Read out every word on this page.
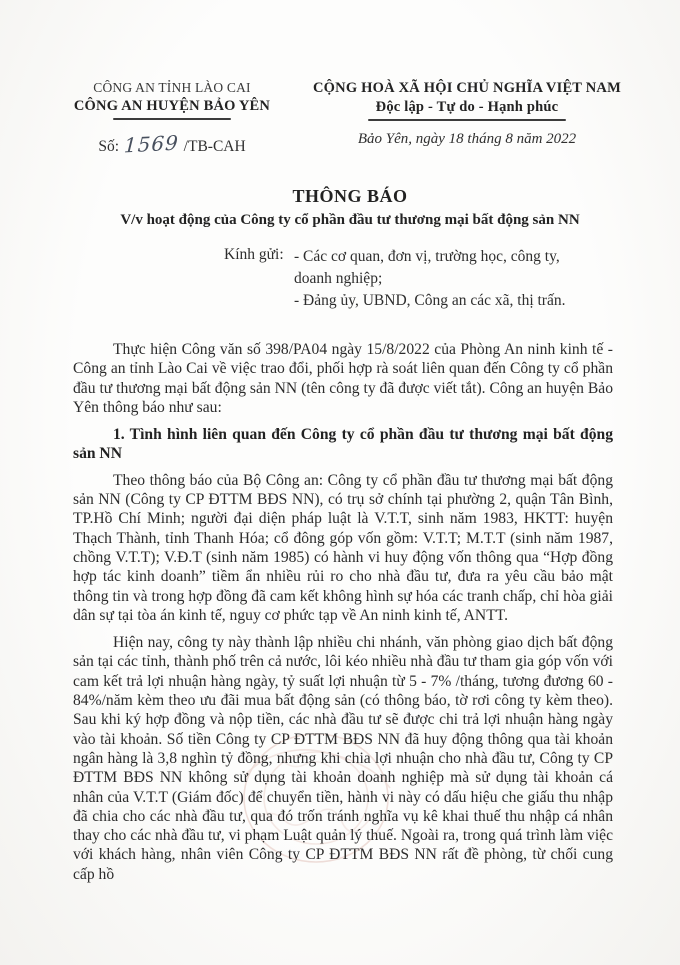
CÔNG AN TỈNH LÀO CAI
CÔNG AN HUYỆN BẢO YÊN
Số: 1569 /TB-CAH
CỘNG HOÀ XÃ HỘI CHỦ NGHĨA VIỆT NAM
Độc lập - Tự do - Hạnh phúc
Bảo Yên, ngày 18 tháng 8 năm 2022
THÔNG BÁO
V/v hoạt động của Công ty cổ phần đầu tư thương mại bất động sản NN
Kính gửi: - Các cơ quan, đơn vị, trường học, công ty, doanh nghiệp;
- Đảng ủy, UBND, Công an các xã, thị trấn.

Thực hiện Công văn số 398/PA04 ngày 15/8/2022 của Phòng An ninh kinh tế - Công an tỉnh Lào Cai về việc trao đổi, phối hợp rà soát liên quan đến Công ty cổ phần đầu tư thương mại bất động sản NN (tên công ty đã được viết tắt). Công an huyện Bảo Yên thông báo như sau:

1. Tình hình liên quan đến Công ty cổ phần đầu tư thương mại bất động sản NN

Theo thông báo của Bộ Công an: Công ty cổ phần đầu tư thương mại bất động sản NN (Công ty CP ĐTTM BĐS NN), có trụ sở chính tại phường 2, quận Tân Bình, TP.Hồ Chí Minh; người đại diện pháp luật là V.T.T, sinh năm 1983, HKTT: huyện Thạch Thành, tỉnh Thanh Hóa; cổ đông góp vốn gồm: V.T.T; M.T.T (sinh năm 1987, chồng V.T.T); V.Đ.T (sinh năm 1985) có hành vi huy động vốn thông qua “Hợp đồng hợp tác kinh doanh” tiềm ẩn nhiều rủi ro cho nhà đầu tư, đưa ra yêu cầu bảo mật thông tin và trong hợp đồng đã cam kết không hình sự hóa các tranh chấp, chỉ hòa giải dân sự tại tòa án kinh tế, nguy cơ phức tạp về An ninh kinh tế, ANTT.

Hiện nay, công ty này thành lập nhiều chi nhánh, văn phòng giao dịch bất động sản tại các tỉnh, thành phố trên cả nước, lôi kéo nhiều nhà đầu tư tham gia góp vốn với cam kết trả lợi nhuận hàng ngày, tỷ suất lợi nhuận từ 5 - 7% /tháng, tương đương 60 - 84%/năm kèm theo ưu đãi mua bất động sản (có thông báo, tờ rơi công ty kèm theo). Sau khi ký hợp đồng và nộp tiền, các nhà đầu tư sẽ được chi trả lợi nhuận hàng ngày vào tài khoản. Số tiền Công ty CP ĐTTM BĐS NN đã huy động thông qua tài khoản ngân hàng là 3,8 nghìn tỷ đồng, nhưng khi chia lợi nhuận cho nhà đầu tư, Công ty CP ĐTTM BĐS NN không sử dụng tài khoản doanh nghiệp mà sử dụng tài khoản cá nhân của V.T.T (Giám đốc) để chuyển tiền, hành vi này có dấu hiệu che giấu thu nhập đã chia cho các nhà đầu tư, qua đó trốn tránh nghĩa vụ kê khai thuế thu nhập cá nhân thay cho các nhà đầu tư, vi phạm Luật quản lý thuế. Ngoài ra, trong quá trình làm việc với khách hàng, nhân viên Công ty CP ĐTTM BĐS NN rất đề phòng, từ chối cung cấp hồ
